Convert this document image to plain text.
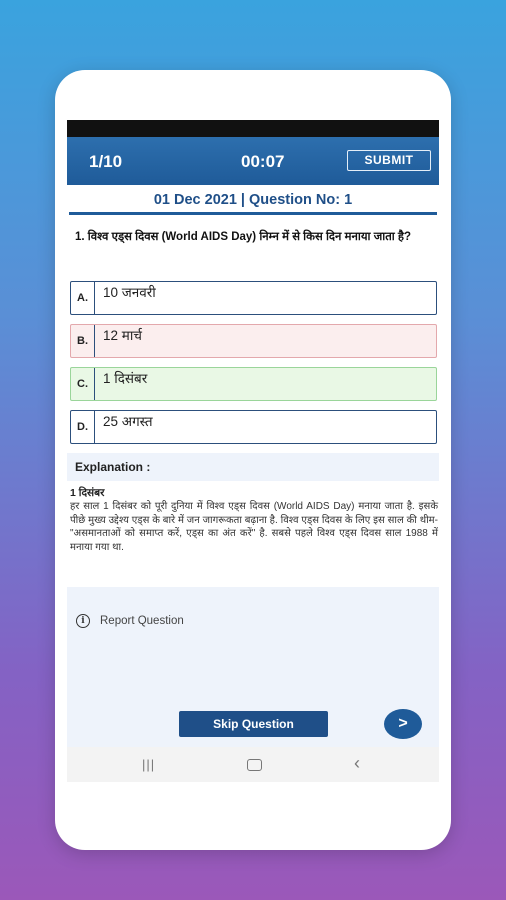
1/10	00:07	SUBMIT
01 Dec 2021 | Question No: 1
1. विश्व एड्स दिवस (World AIDS Day) निम्न में से किस दिन मनाया जाता है?
A.	10 जनवरी
B.	12 मार्च
C.	1 दिसंबर
D.	25 अगस्त
Explanation :
1 दिसंबर
हर साल 1 दिसंबर को पूरी दुनिया में विश्व एड्स दिवस (World AIDS Day) मनाया जाता है. इसके पीछे मुख्य उद्देश्य एड्स के बारे में जन जागरूकता बढ़ाना है. विश्व एड्स दिवस के लिए इस साल की थीम- "असमानताओं को समाप्त करें, एड्स का अंत करें" है. सबसे पहले विश्व एड्स दिवस साल 1988 में मनाया गया था.
i	Report Question
Skip Question	>
|||	‹
